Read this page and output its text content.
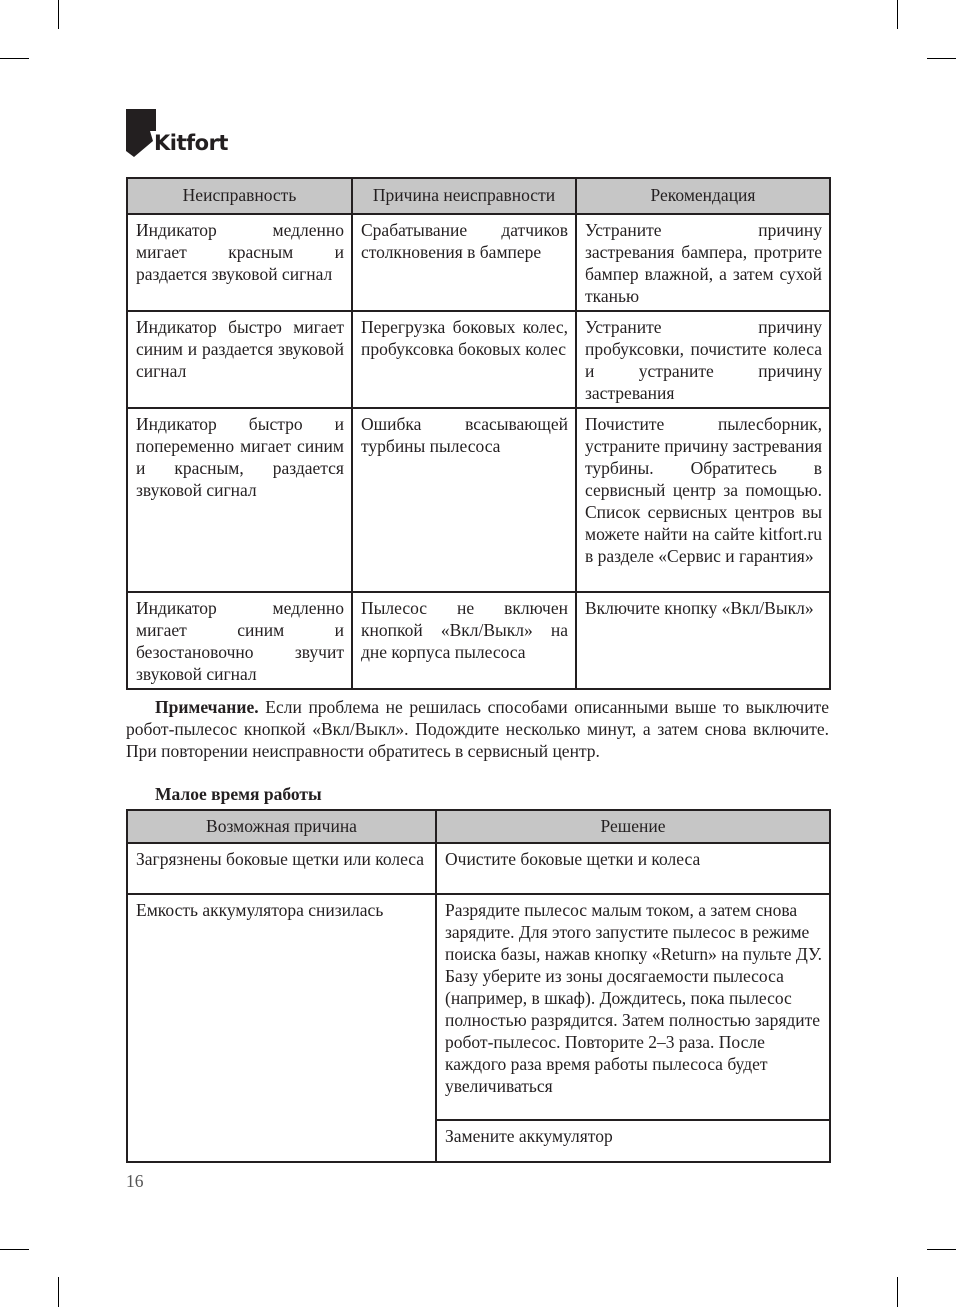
Kitfort
Неисправность	Причина неисправности	Рекомендация
Индикатор медленно мигает красным и раздается звуковой сигнал	Срабатывание датчиков столкновения в бампере	Устраните причину застревания бампера, протрите бампер влажной, а затем сухой тканью
Индикатор быстро мигает синим и раздается звуковой сигнал	Перегрузка боковых колес, пробуксовка боковых колес	Устраните причину пробуксовки, почистите колеса и устраните причину застревания
Индикатор быстро и попеременно мигает синим и красным, раздается звуковой сигнал	Ошибка всасывающей турбины пылесоса	Почистите пылесборник, устраните причину застревания турбины. Обратитесь в сервисный центр за помощью. Список сервисных центров вы можете найти на сайте kitfort.ru в разделе «Сервис и гарантия»
Индикатор медленно мигает синим и безостановочно звучит звуковой сигнал	Пылесос не включен кнопкой «Вкл/Выкл» на дне корпуса пылесоса	Включите кнопку «Вкл/Выкл»

Примечание. Если проблема не решилась способами описанными выше то выключите робот-пылесос кнопкой «Вкл/Выкл». Подождите несколько минут, а затем снова включите. При повторении неисправности обратитесь в сервисный центр.

Малое время работы
Возможная причина	Решение
Загрязнены боковые щетки или колеса	Очистите боковые щетки и колеса
Емкость аккумулятора снизилась	Разрядите пылесос малым током, а затем снова зарядите. Для этого запустите пылесос в режиме поиска базы, нажав кнопку «Return» на пульте ДУ. Базу уберите из зоны досягаемости пылесоса (например, в шкаф). Дождитесь, пока пылесос полностью разрядится. Затем полностью зарядите робот-пылесос. Повторите 2–3 раза. После каждого раза время работы пылесоса будет увеличиваться
	Замените аккумулятор
16
